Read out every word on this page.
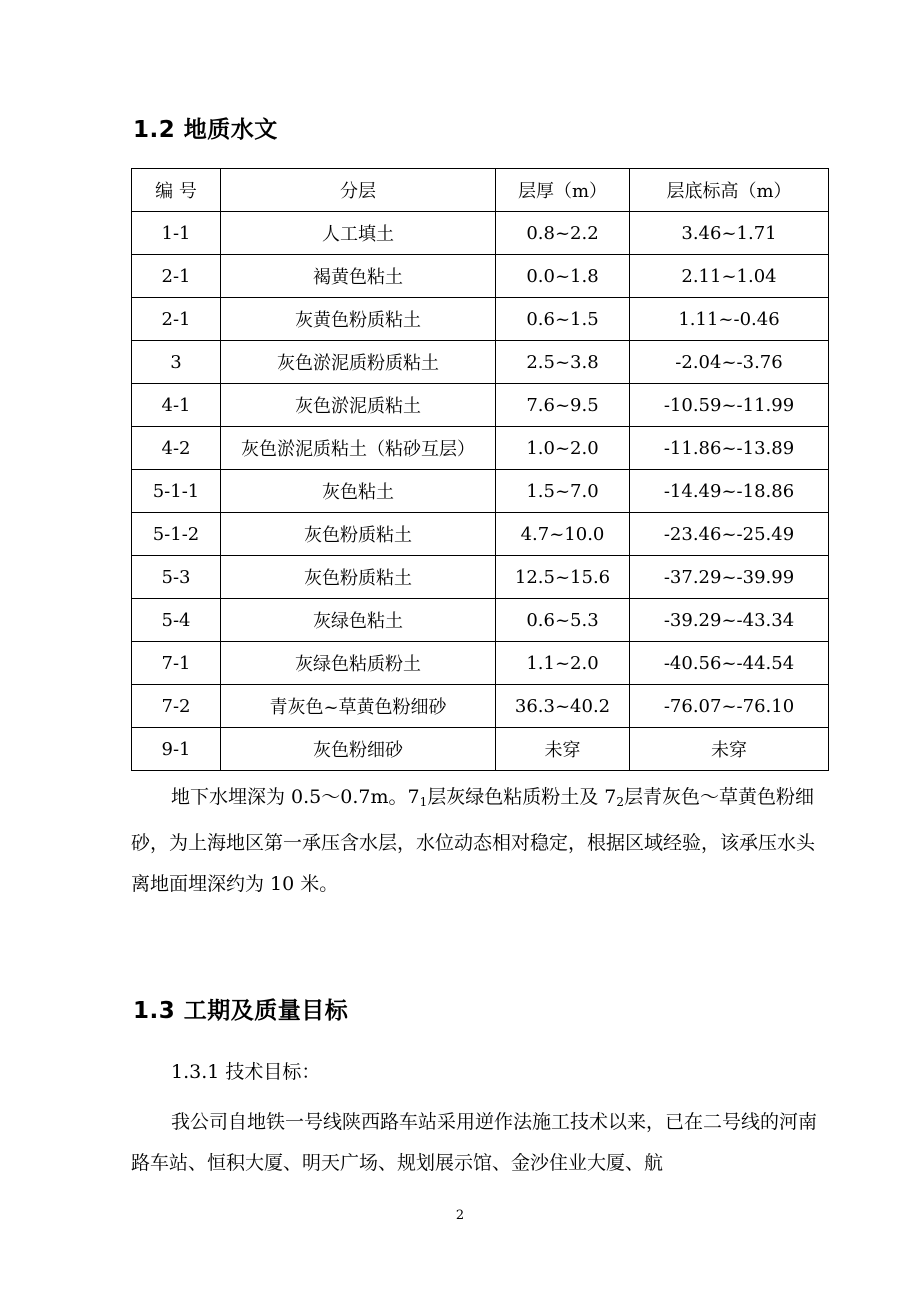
1.2 地质水文
编 号	分层	层厚（m）	层底标高（m）
1-1	人工填土	0.8~2.2	3.46~1.71
2-1	褐黄色粘土	0.0~1.8	2.11~1.04
2-1	灰黄色粉质粘土	0.6~1.5	1.11~-0.46
3	灰色淤泥质粉质粘土	2.5~3.8	-2.04~-3.76
4-1	灰色淤泥质粘土	7.6~9.5	-10.59~-11.99
4-2	灰色淤泥质粘土（粘砂互层）	1.0~2.0	-11.86~-13.89
5-1-1	灰色粘土	1.5~7.0	-14.49~-18.86
5-1-2	灰色粉质粘土	4.7~10.0	-23.46~-25.49
5-3	灰色粉质粘土	12.5~15.6	-37.29~-39.99
5-4	灰绿色粘土	0.6~5.3	-39.29~-43.34
7-1	灰绿色粘质粉土	1.1~2.0	-40.56~-44.54
7-2	青灰色~草黄色粉细砂	36.3~40.2	-76.07~-76.10
9-1	灰色粉细砂	未穿	未穿

地下水埋深为 0.5～0.7m。$7_1$层灰绿色粘质粉土及 $7_2$层青灰色～草黄色粉细砂，为上海地区第一承压含水层，水位动态相对稳定，根据区域经验，该承压水头离地面埋深约为 10 米。

1.3 工期及质量目标

1.3.1 技术目标：

我公司自地铁一号线陕西路车站采用逆作法施工技术以来，已在二号线的河南路车站、恒积大厦、明天广场、规划展示馆、金沙住业大厦、航

2
